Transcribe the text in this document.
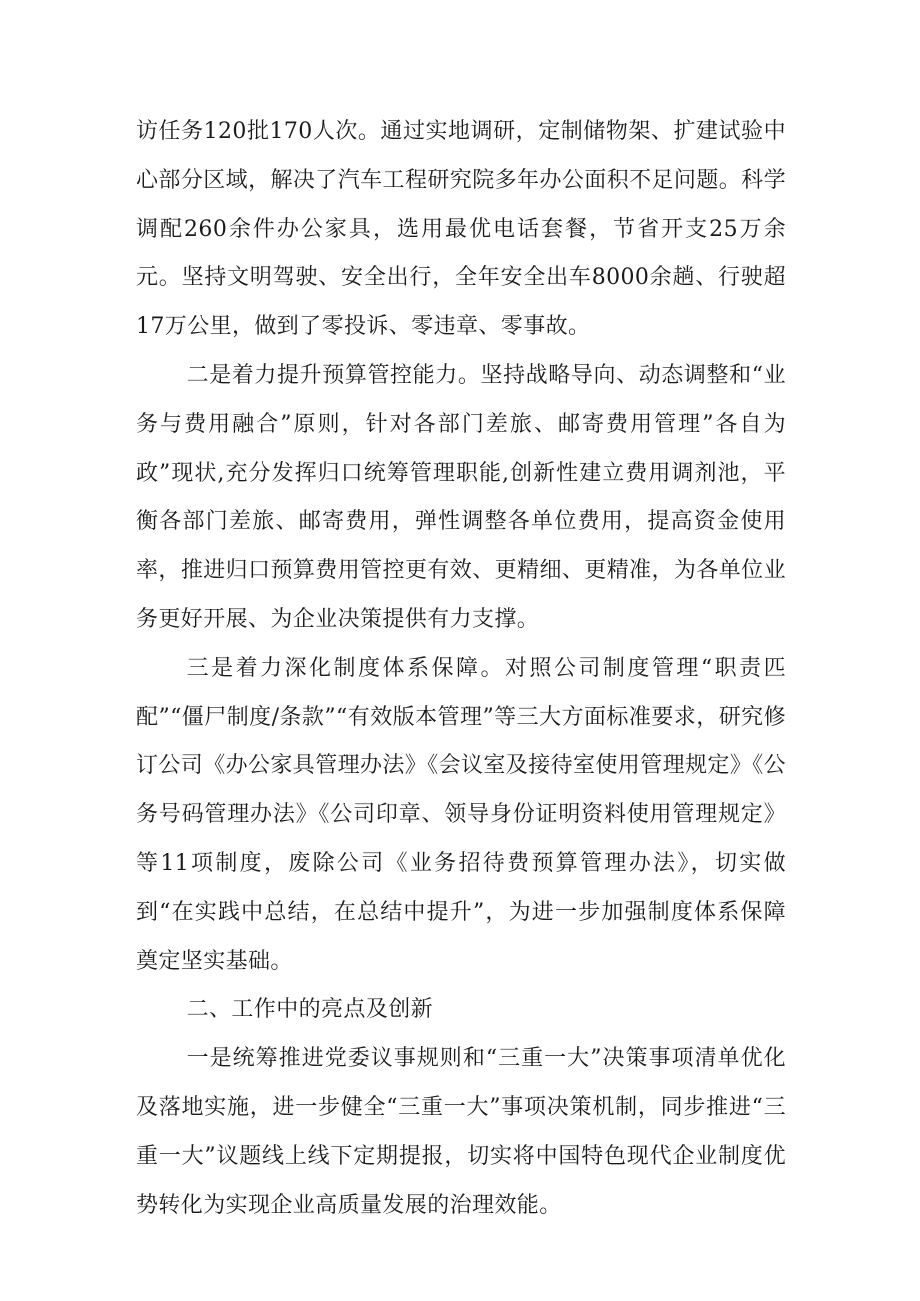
访任务120批170人次。通过实地调研，定制储物架、扩建试验中心部分区域，解决了汽车工程研究院多年办公面积不足问题。科学调配260余件办公家具，选用最优电话套餐，节省开支25万余元。坚持文明驾驶、安全出行，全年安全出车8000余趟、行驶超17万公里，做到了零投诉、零违章、零事故。

二是着力提升预算管控能力。坚持战略导向、动态调整和“业务与费用融合”原则，针对各部门差旅、邮寄费用管理”各自为政”现状,充分发挥归口统筹管理职能,创新性建立费用调剂池，平衡各部门差旅、邮寄费用，弹性调整各单位费用，提高资金使用率，推进归口预算费用管控更有效、更精细、更精准，为各单位业务更好开展、为企业决策提供有力支撑。

三是着力深化制度体系保障。对照公司制度管理“职责匹配”“僵尸制度/条款”“有效版本管理”等三大方面标准要求，研究修订公司《办公家具管理办法》《会议室及接待室使用管理规定》《公务号码管理办法》《公司印章、领导身份证明资料使用管理规定》等11项制度，废除公司《业务招待费预算管理办法》，切实做到“在实践中总结，在总结中提升”，为进一步加强制度体系保障奠定坚实基础。

二、工作中的亮点及创新

一是统筹推进党委议事规则和“三重一大”决策事项清单优化及落地实施，进一步健全“三重一大”事项决策机制，同步推进“三重一大”议题线上线下定期提报，切实将中国特色现代企业制度优势转化为实现企业高质量发展的治理效能。
